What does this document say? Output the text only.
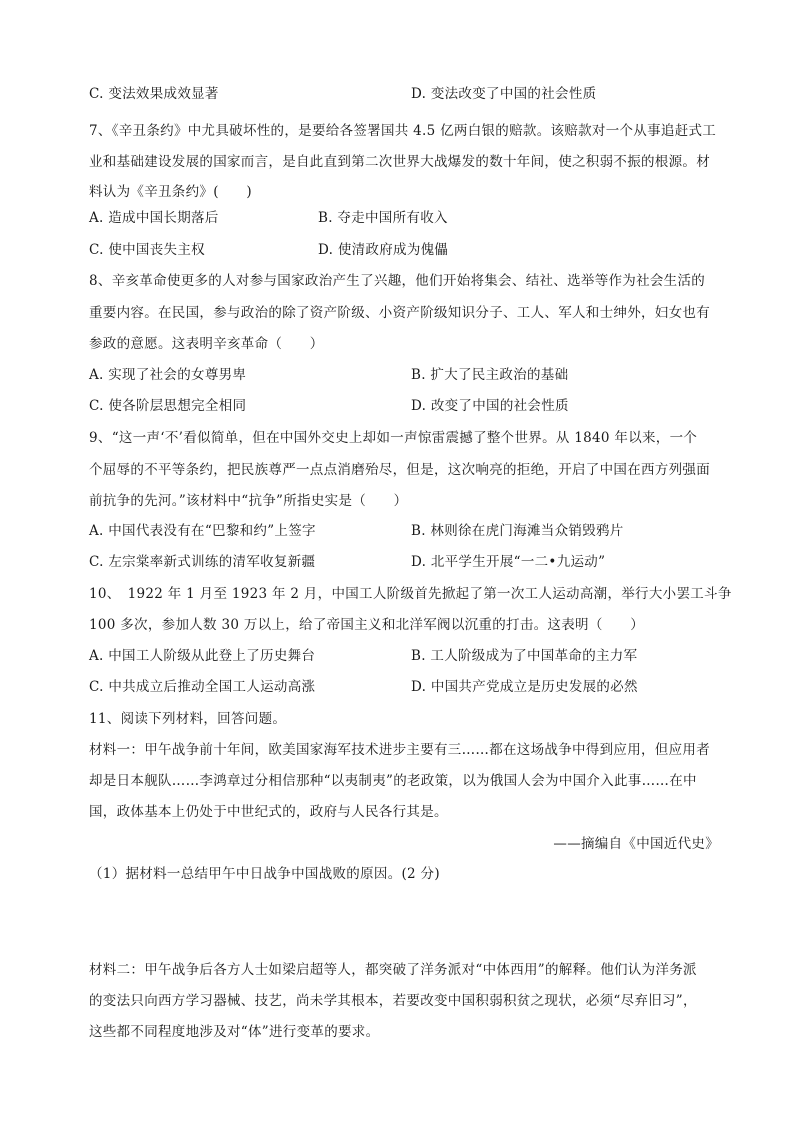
C. 变法效果成效显著	D. 变法改变了中国的社会性质
7、《辛丑条约》中尤具破坏性的，是要给各签署国共 4.5 亿两白银的赔款。该赔款对一个从事追赶式工
业和基础建设发展的国家而言，是自此直到第二次世界大战爆发的数十年间，使之积弱不振的根源。材
料认为《辛丑条约》(　　)
A. 造成中国长期落后	B. 夺走中国所有收入
C. 使中国丧失主权	D. 使清政府成为傀儡
8、辛亥革命使更多的人对参与国家政治产生了兴趣，他们开始将集会、结社、选举等作为社会生活的
重要内容。在民国，参与政治的除了资产阶级、小资产阶级知识分子、工人、军人和士绅外，妇女也有
参政的意愿。这表明辛亥革命（　　）
A. 实现了社会的女尊男卑	B. 扩大了民主政治的基础
C. 使各阶层思想完全相同	D. 改变了中国的社会性质
9、“这一声‘不’看似简单，但在中国外交史上却如一声惊雷震撼了整个世界。从 1840 年以来，一个
个屈辱的不平等条约，把民族尊严一点点消磨殆尽，但是，这次响亮的拒绝，开启了中国在西方列强面
前抗争的先河。”该材料中“抗争”所指史实是（　　）
A. 中国代表没有在“巴黎和约”上签字	B. 林则徐在虎门海滩当众销毁鸦片
C. 左宗棠率新式训练的清军收复新疆	D. 北平学生开展“一二•九运动”
10、　1922 年 1 月至 1923 年 2 月，中国工人阶级首先掀起了第一次工人运动高潮，举行大小罢工斗争
100 多次，参加人数 30 万以上，给了帝国主义和北洋军阀以沉重的打击。这表明（　　）
A. 中国工人阶级从此登上了历史舞台	B. 工人阶级成为了中国革命的主力军
C. 中共成立后推动全国工人运动高涨	D. 中国共产党成立是历史发展的必然
11、阅读下列材料，回答问题。
材料一：甲午战争前十年间，欧美国家海军技术进步主要有三……都在这场战争中得到应用，但应用者
却是日本舰队……李鸿章过分相信那种“以夷制夷”的老政策，以为俄国人会为中国介入此事……在中
国，政体基本上仍处于中世纪式的，政府与人民各行其是。
——摘编自《中国近代史》
（1）据材料一总结甲午中日战争中国战败的原因。(2 分)
材料二：甲午战争后各方人士如梁启超等人，都突破了洋务派对“中体西用”的解释。他们认为洋务派
的变法只向西方学习器械、技艺，尚未学其根本，若要改变中国积弱积贫之现状，必须“尽弃旧习”，
这些都不同程度地涉及对“体”进行变革的要求。
